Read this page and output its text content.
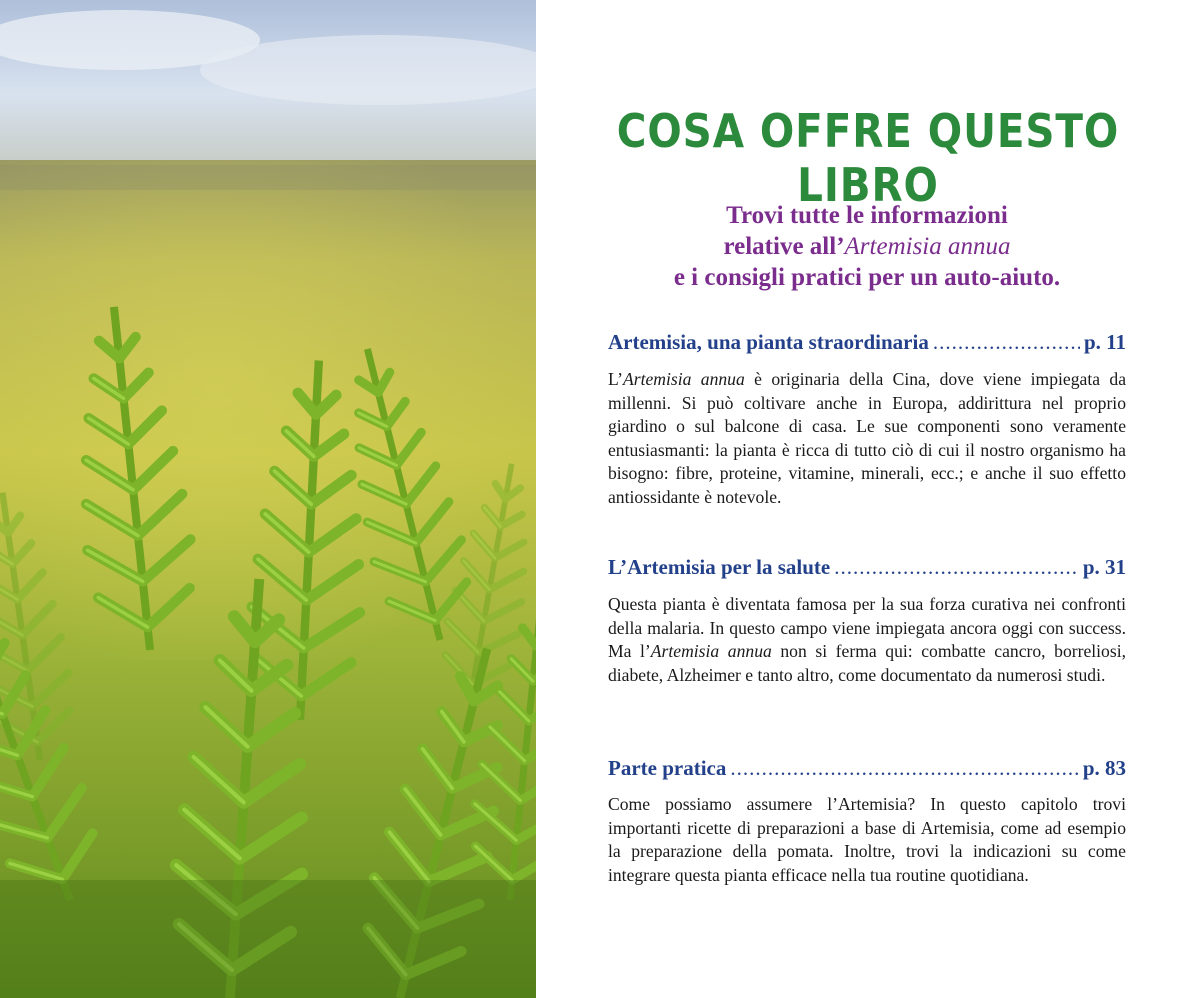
COSA OFFRE QUESTO LIBRO
Trovi tutte le informazioni
relative all’Artemisia annua
e i consigli pratici per un auto-aiuto.
Artemisia, una pianta straordinaria .....	p. 11
L’Artemisia annua è originaria della Cina, dove viene impiegata da millenni. Si può coltivare anche in Europa, addirittura nel proprio giardino o sul balcone di casa. Le sue componenti sono veramente entusiasmanti: la pianta è ricca di tutto ciò di cui il nostro organismo ha bisogno: fibre, proteine, vitamine, minerali, ecc.; e anche il suo effetto antiossidante è notevole.
L’Artemisia per la salute .....	p. 31
Questa pianta è diventata famosa per la sua forza curativa nei confronti della malaria. In questo campo viene impiegata ancora oggi con success. Ma l’Artemisia annua non si ferma qui: combatte cancro, borreliosi, diabete, Alzheimer e tanto altro, come documentato da numerosi studi.
Parte pratica .....	p. 83
Come possiamo assumere l’Artemisia? In questo capitolo trovi importanti ricette di preparazioni a base di Artemisia, come ad esempio la preparazione della pomata. Inoltre, trovi la indicazioni su come integrare questa pianta efficace nella tua routine quotidiana.
